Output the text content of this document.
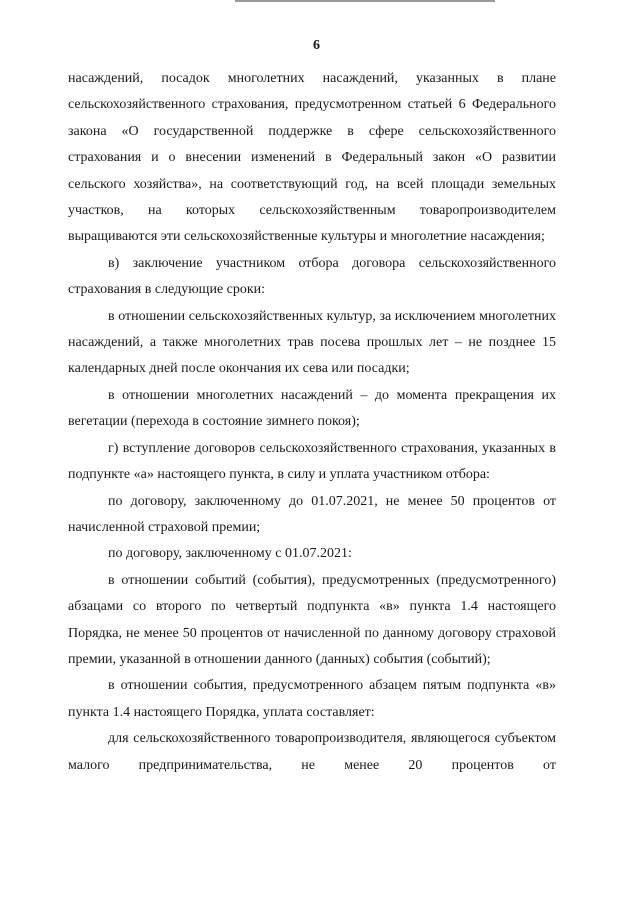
6

насаждений, посадок многолетних насаждений, указанных в плане сельскохозяйственного страхования, предусмотренном статьей 6 Федерального закона «О государственной поддержке в сфере сельскохозяйственного страхования и о внесении изменений в Федеральный закон «О развитии сельского хозяйства», на соответствующий год, на всей площади земельных участков, на которых сельскохозяйственным товаропроизводителем выращиваются эти сельскохозяйственные культуры и многолетние насаждения;

в) заключение участником отбора договора сельскохозяйственного страхования в следующие сроки:

в отношении сельскохозяйственных культур, за исключением многолетних насаждений, а также многолетних трав посева прошлых лет – не позднее 15 календарных дней после окончания их сева или посадки;

в отношении многолетних насаждений – до момента прекращения их вегетации (перехода в состояние зимнего покоя);

г) вступление договоров сельскохозяйственного страхования, указанных в подпункте «а» настоящего пункта, в силу и уплата участником отбора:

по договору, заключенному до 01.07.2021, не менее 50 процентов от начисленной страховой премии;

по договору, заключенному с 01.07.2021:

в отношении событий (события), предусмотренных (предусмотренного) абзацами со второго по четвертый подпункта «в» пункта 1.4 настоящего Порядка, не менее 50 процентов от начисленной по данному договору страховой премии, указанной в отношении данного (данных) события (событий);

в отношении события, предусмотренного абзацем пятым подпункта «в» пункта 1.4 настоящего Порядка, уплата составляет:

для сельскохозяйственного товаропроизводителя, являющегося субъектом малого предпринимательства, не менее 20 процентов от
